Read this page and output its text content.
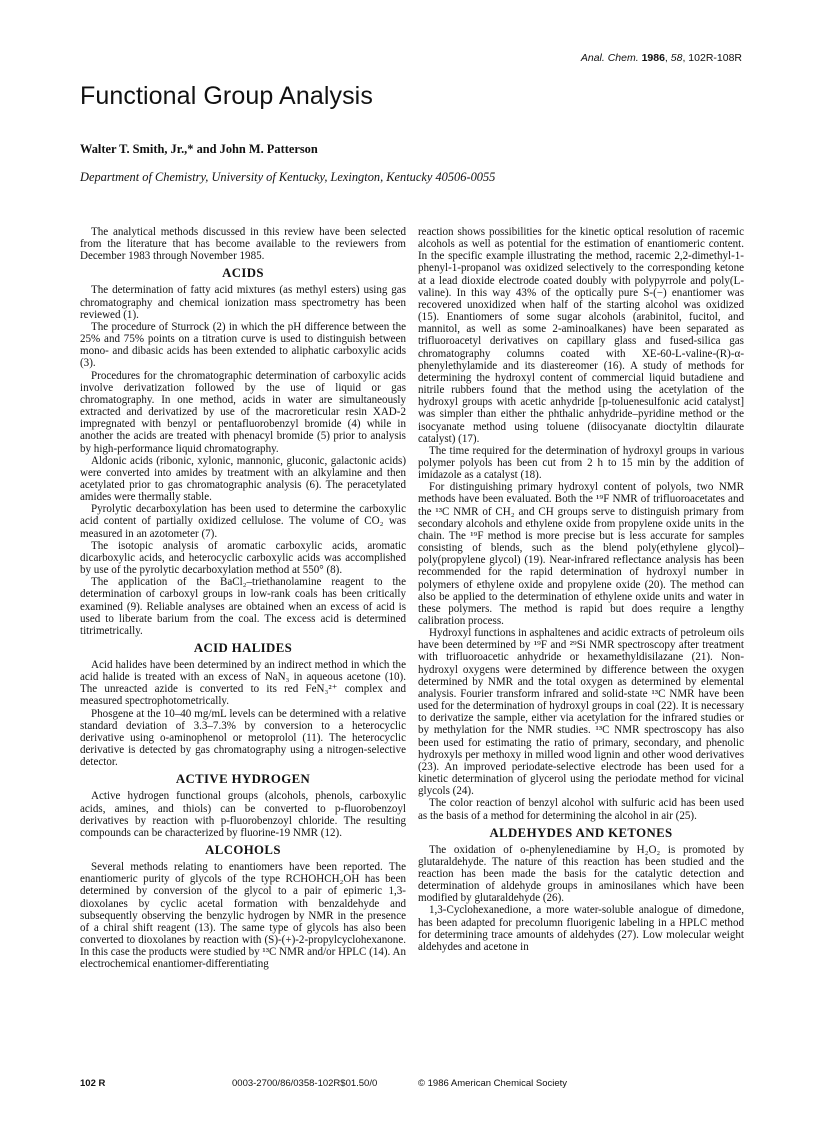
Anal. Chem. 1986, 58, 102R-108R
Functional Group Analysis
Walter T. Smith, Jr.,* and John M. Patterson
Department of Chemistry, University of Kentucky, Lexington, Kentucky 40506-0055

The analytical methods discussed in this review have been selected from the literature that has become available to the reviewers from December 1983 through November 1985.

ACIDS

The determination of fatty acid mixtures (as methyl esters) using gas chromatography and chemical ionization mass spectrometry has been reviewed (1).

The procedure of Sturrock (2) in which the pH difference between the 25% and 75% points on a titration curve is used to distinguish between mono- and dibasic acids has been extended to aliphatic carboxylic acids (3).

Procedures for the chromatographic determination of carboxylic acids involve derivatization followed by the use of liquid or gas chromatography. In one method, acids in water are simultaneously extracted and derivatized by use of the macroreticular resin XAD-2 impregnated with benzyl or pentafluorobenzyl bromide (4) while in another the acids are treated with phenacyl bromide (5) prior to analysis by high-performance liquid chromatography.

Aldonic acids (ribonic, xylonic, mannonic, gluconic, galactonic acids) were converted into amides by treatment with an alkylamine and then acetylated prior to gas chromatographic analysis (6). The peracetylated amides were thermally stable.

Pyrolytic decarboxylation has been used to determine the carboxylic acid content of partially oxidized cellulose. The volume of CO₂ was measured in an azotometer (7).

The isotopic analysis of aromatic carboxylic acids, aromatic dicarboxylic acids, and heterocyclic carboxylic acids was accomplished by use of the pyrolytic decarboxylation method at 550° (8).

The application of the BaCl₂–triethanolamine reagent to the determination of carboxyl groups in low-rank coals has been critically examined (9). Reliable analyses are obtained when an excess of acid is used to liberate barium from the coal. The excess acid is determined titrimetrically.

ACID HALIDES

Acid halides have been determined by an indirect method in which the acid halide is treated with an excess of NaN₃ in aqueous acetone (10). The unreacted azide is converted to its red FeN₃²⁺ complex and measured spectrophotometrically.

Phosgene at the 10–40 mg/mL levels can be determined with a relative standard deviation of 3.3–7.3% by conversion to a heterocyclic derivative using o-aminophenol or metoprolol (11). The heterocyclic derivative is detected by gas chromatography using a nitrogen-selective detector.

ACTIVE HYDROGEN

Active hydrogen functional groups (alcohols, phenols, carboxylic acids, amines, and thiols) can be converted to p-fluorobenzoyl derivatives by reaction with p-fluorobenzoyl chloride. The resulting compounds can be characterized by fluorine-19 NMR (12).

ALCOHOLS

Several methods relating to enantiomers have been reported. The enantiomeric purity of glycols of the type RCHOHCH₂OH has been determined by conversion of the glycol to a pair of epimeric 1,3-dioxolanes by cyclic acetal formation with benzaldehyde and subsequently observing the benzylic hydrogen by NMR in the presence of a chiral shift reagent (13). The same type of glycols has also been converted to dioxolanes by reaction with (S)-(+)-2-propylcyclohexanone. In this case the products were studied by ¹³C NMR and/or HPLC (14). An electrochemical enantiomer-differentiating

reaction shows possibilities for the kinetic optical resolution of racemic alcohols as well as potential for the estimation of enantiomeric content. In the specific example illustrating the method, racemic 2,2-dimethyl-1-phenyl-1-propanol was oxidized selectively to the corresponding ketone at a lead dioxide electrode coated doubly with polypyrrole and poly(L-valine). In this way 43% of the optically pure S-(−) enantiomer was recovered unoxidized when half of the starting alcohol was oxidized (15). Enantiomers of some sugar alcohols (arabinitol, fucitol, and mannitol, as well as some 2-aminoalkanes) have been separated as trifluoroacetyl derivatives on capillary glass and fused-silica gas chromatography columns coated with XE-60-L-valine-(R)-α-phenylethylamide and its diastereomer (16). A study of methods for determining the hydroxyl content of commercial liquid butadiene and nitrile rubbers found that the method using the acetylation of the hydroxyl groups with acetic anhydride [p-toluenesulfonic acid catalyst] was simpler than either the phthalic anhydride–pyridine method or the isocyanate method using toluene (diisocyanate dioctyltin dilaurate catalyst) (17).

The time required for the determination of hydroxyl groups in various polymer polyols has been cut from 2 h to 15 min by the addition of imidazole as a catalyst (18).

For distinguishing primary hydroxyl content of polyols, two NMR methods have been evaluated. Both the ¹⁹F NMR of trifluoroacetates and the ¹³C NMR of CH₂ and CH groups serve to distinguish primary from secondary alcohols and ethylene oxide from propylene oxide units in the chain. The ¹⁹F method is more precise but is less accurate for samples consisting of blends, such as the blend poly(ethylene glycol)–poly(propylene glycol) (19). Near-infrared reflectance analysis has been recommended for the rapid determination of hydroxyl number in polymers of ethylene oxide and propylene oxide (20). The method can also be applied to the determination of ethylene oxide units and water in these polymers. The method is rapid but does require a lengthy calibration process.

Hydroxyl functions in asphaltenes and acidic extracts of petroleum oils have been determined by ¹⁹F and ²⁹Si NMR spectroscopy after treatment with trifluoroacetic anhydride or hexamethyldisilazane (21). Non-hydroxyl oxygens were determined by difference between the oxygen determined by NMR and the total oxygen as determined by elemental analysis. Fourier transform infrared and solid-state ¹³C NMR have been used for the determination of hydroxyl groups in coal (22). It is necessary to derivatize the sample, either via acetylation for the infrared studies or by methylation for the NMR studies. ¹³C NMR spectroscopy has also been used for estimating the ratio of primary, secondary, and phenolic hydroxyls per methoxy in milled wood lignin and other wood derivatives (23). An improved periodate-selective electrode has been used for a kinetic determination of glycerol using the periodate method for vicinal glycols (24).

The color reaction of benzyl alcohol with sulfuric acid has been used as the basis of a method for determining the alcohol in air (25).

ALDEHYDES AND KETONES

The oxidation of o-phenylenediamine by H₂O₂ is promoted by glutaraldehyde. The nature of this reaction has been studied and the reaction has been made the basis for the catalytic detection and determination of aldehyde groups in aminosilanes which have been modified by glutaraldehyde (26).

1,3-Cyclohexanedione, a more water-soluble analogue of dimedone, has been adapted for precolumn fluorigenic labeling in a HPLC method for determining trace amounts of aldehydes (27). Low molecular weight aldehydes and acetone in

102 R	0003-2700/86/0358-102R$01.50/0	© 1986 American Chemical Society
